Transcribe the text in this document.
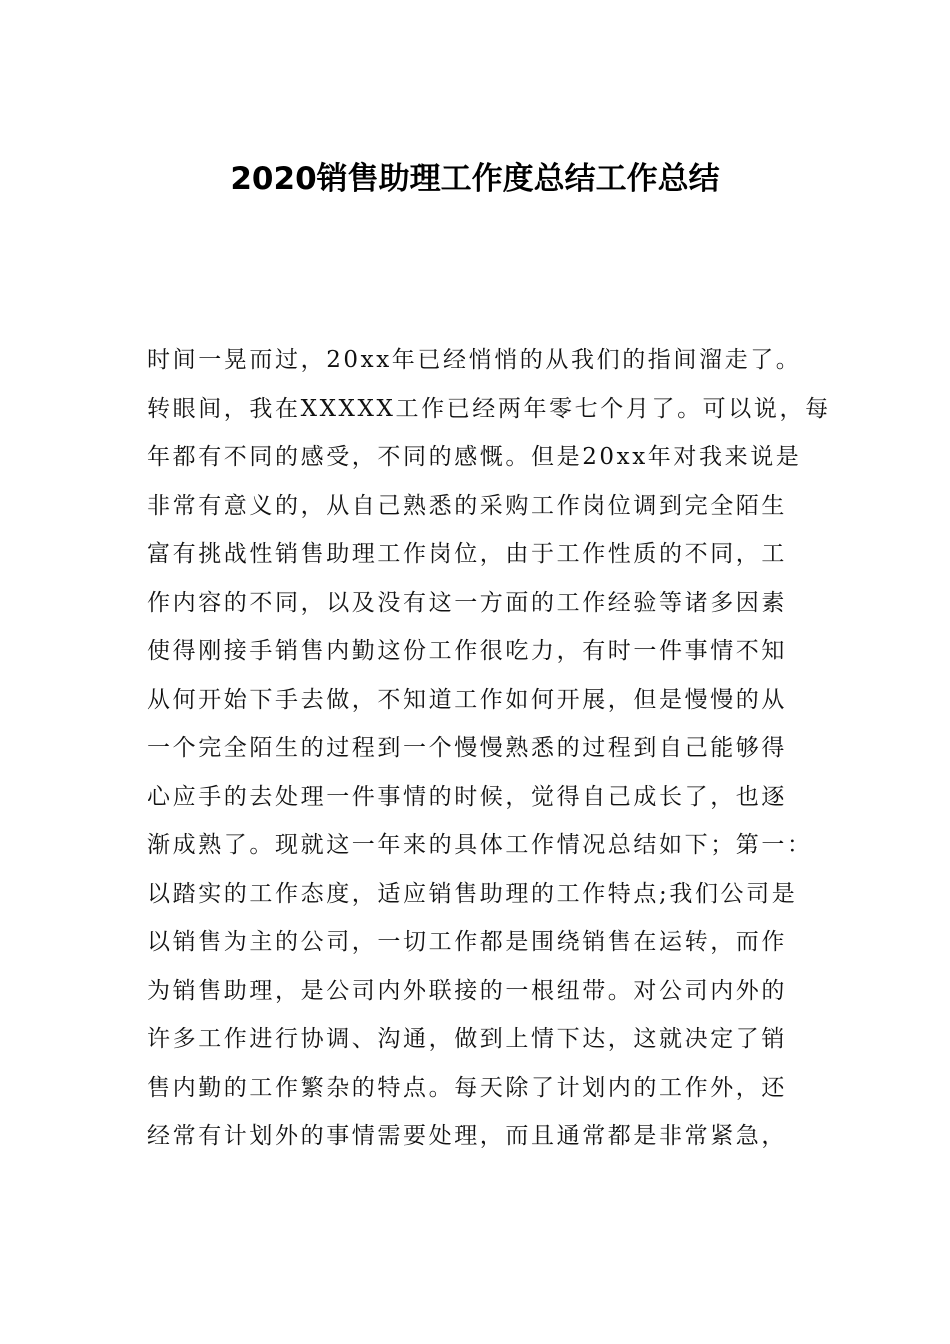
2020销售助理工作度总结工作总结
时间一晃而过，20xx年已经悄悄的从我们的指间溜走了。
转眼间，我在XXXXX工作已经两年零七个月了。可以说，每
年都有不同的感受，不同的感慨。但是20xx年对我来说是
非常有意义的，从自己熟悉的采购工作岗位调到完全陌生
富有挑战性销售助理工作岗位，由于工作性质的不同，工
作内容的不同，以及没有这一方面的工作经验等诸多因素
使得刚接手销售内勤这份工作很吃力，有时一件事情不知
从何开始下手去做，不知道工作如何开展，但是慢慢的从
一个完全陌生的过程到一个慢慢熟悉的过程到自己能够得
心应手的去处理一件事情的时候，觉得自己成长了，也逐
渐成熟了。现就这一年来的具体工作情况总结如下；第一：
以踏实的工作态度，适应销售助理的工作特点;我们公司是
以销售为主的公司，一切工作都是围绕销售在运转，而作
为销售助理，是公司内外联接的一根纽带。对公司内外的
许多工作进行协调、沟通，做到上情下达，这就决定了销
售内勤的工作繁杂的特点。每天除了计划内的工作外，还
经常有计划外的事情需要处理，而且通常都是非常紧急，
